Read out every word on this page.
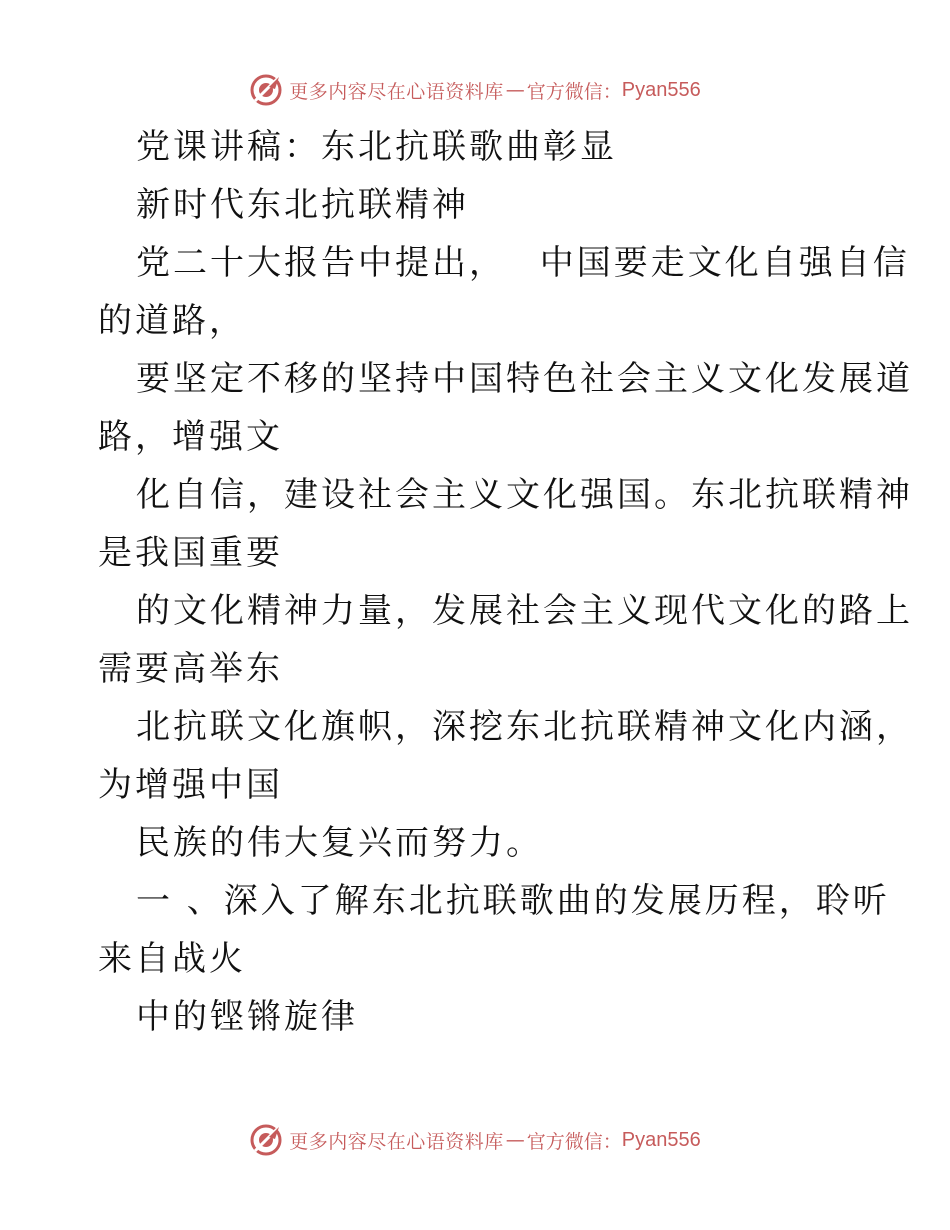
更多内容尽在心语资料库 — 官方微信： Pyan556
党课讲稿：东北抗联歌曲彰显
新时代东北抗联精神
党二十大报告中提出，　 中国要走文化自强自信
的道路，
要坚定不移的坚持中国特色社会主义文化发展道
路，增强文
化自信，建设社会主义文化强国。东北抗联精神
是我国重要
的文化精神力量，发展社会主义现代文化的路上
需要高举东
北抗联文化旗帜，深挖东北抗联精神文化内涵，
为增强中国
民族的伟大复兴而努力。
一 、深入了解东北抗联歌曲的发展历程，聆听
来自战火
中的铿锵旋律
更多内容尽在心语资料库 — 官方微信： Pyan556
